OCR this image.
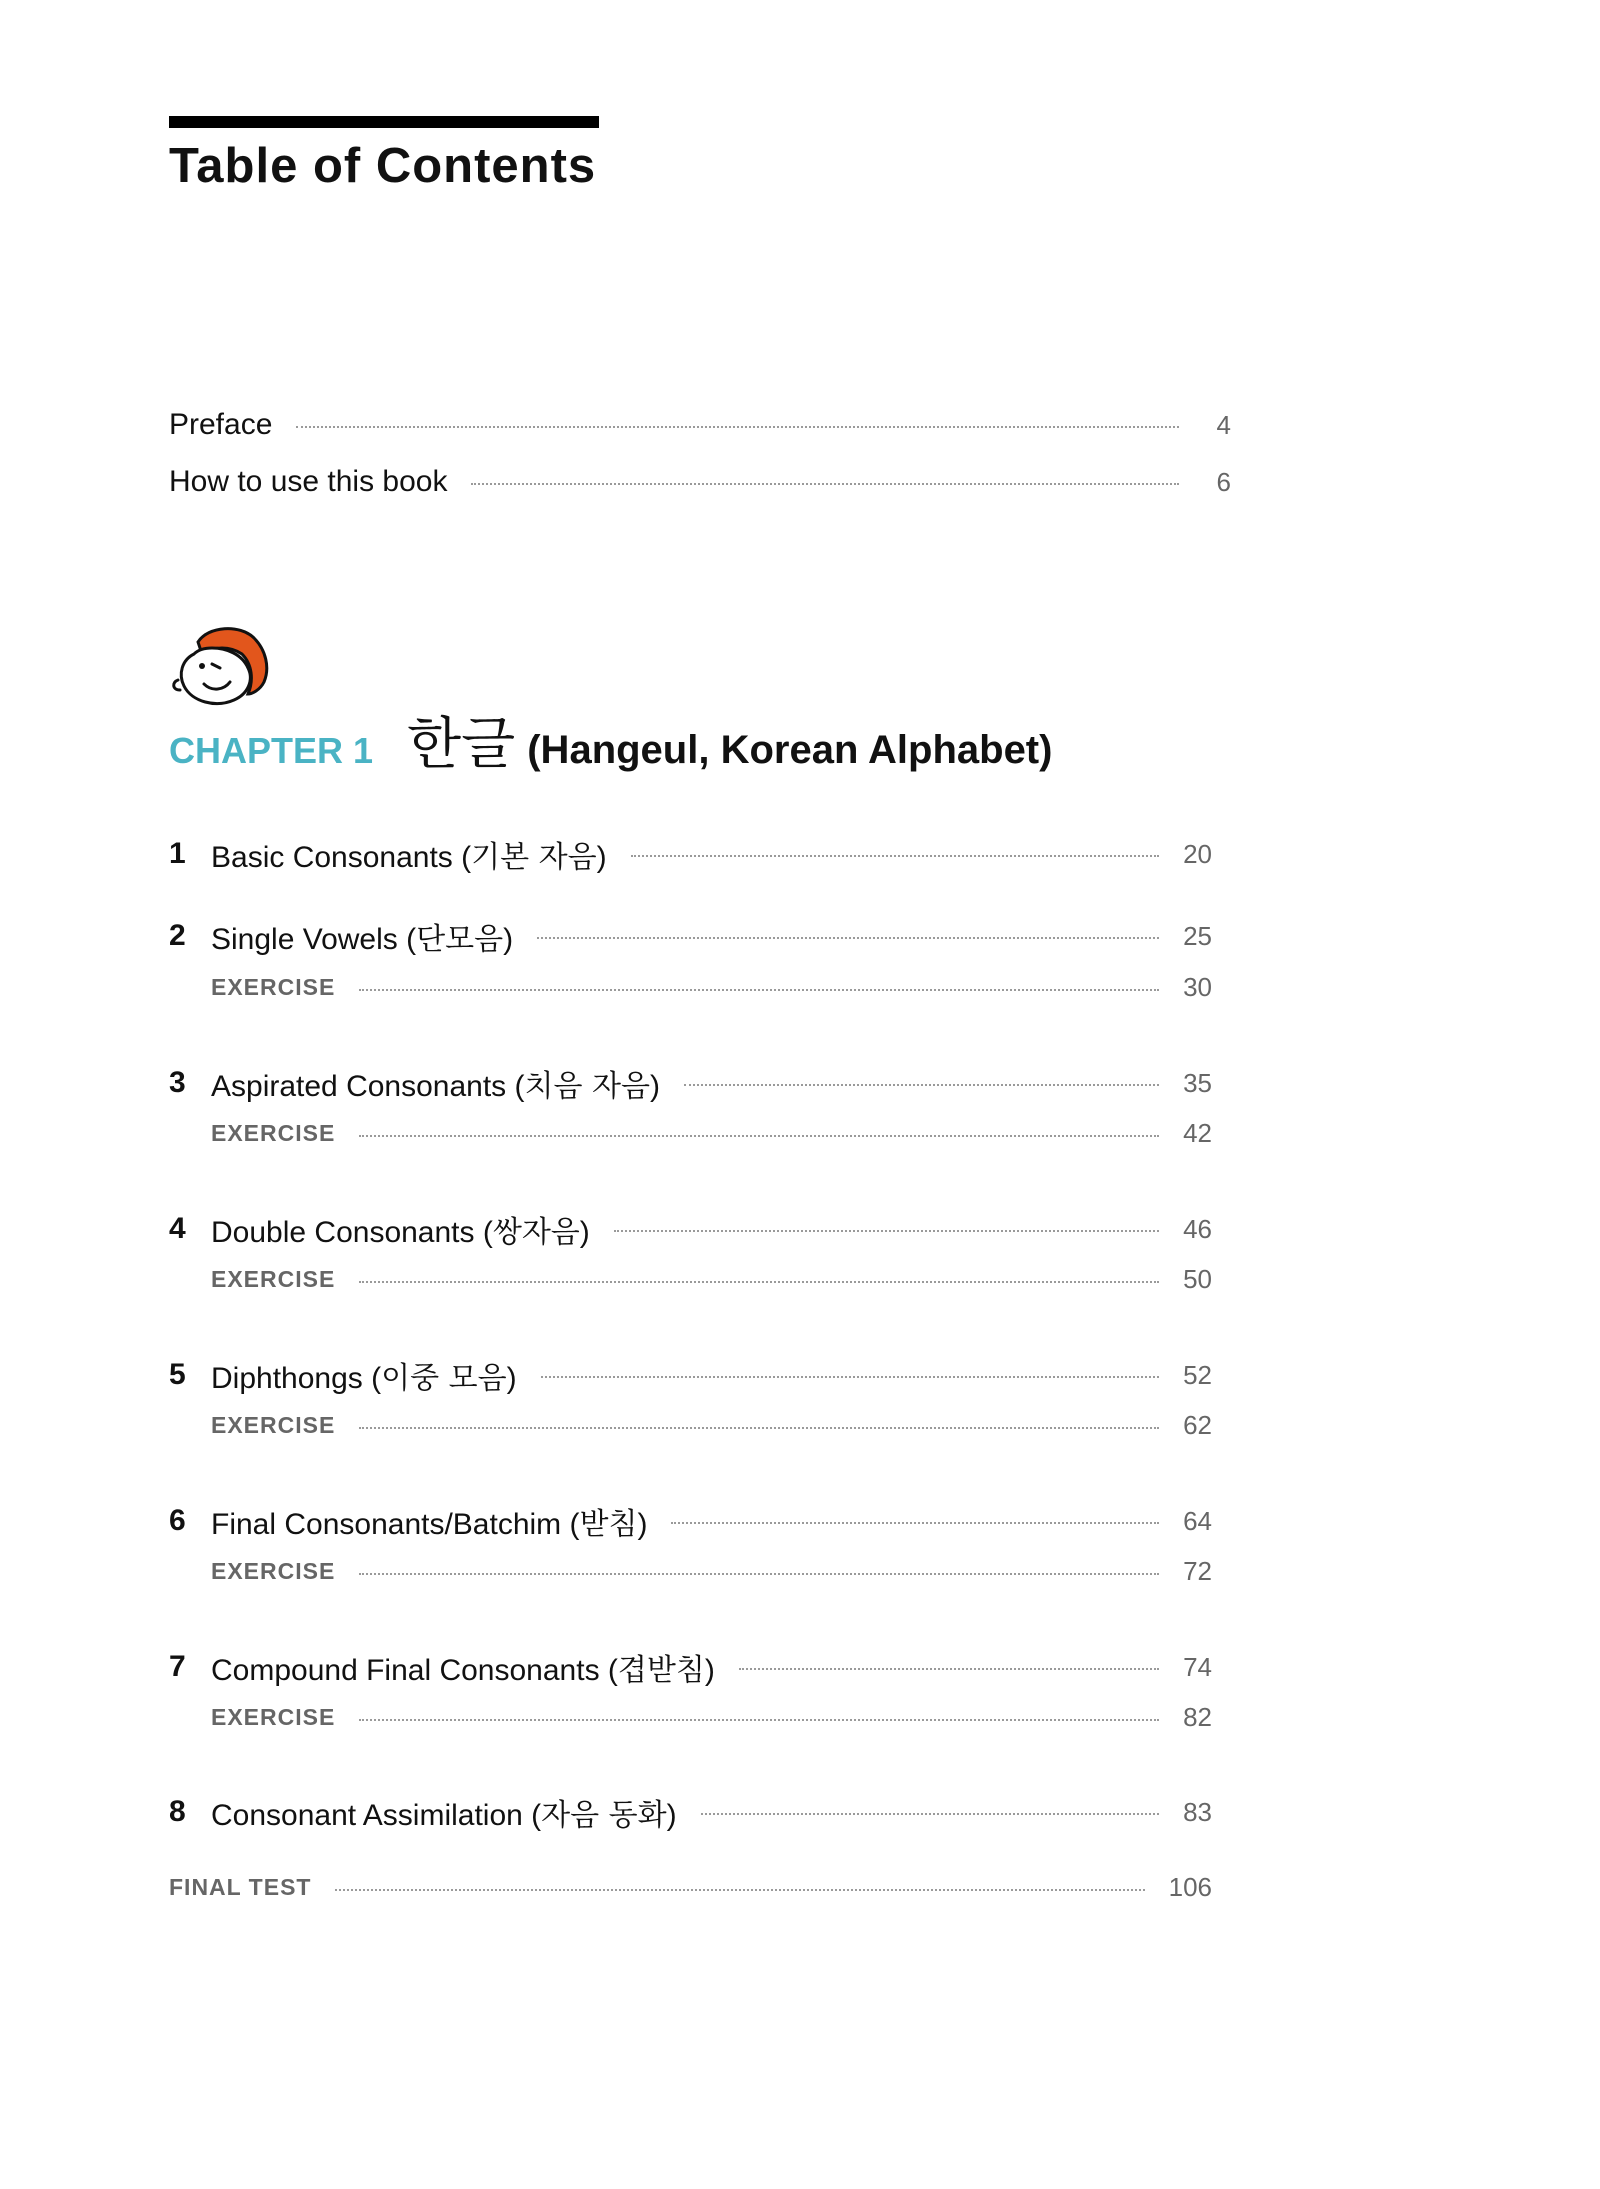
Table of Contents
Preface	4
How to use this book	6
CHAPTER 1 한글 (Hangeul, Korean Alphabet)
1 Basic Consonants (기본 자음)	20
2 Single Vowels (단모음)	25
EXERCISE	30
3 Aspirated Consonants (치음 자음)	35
EXERCISE	42
4 Double Consonants (쌍자음)	46
EXERCISE	50
5 Diphthongs (이중 모음)	52
EXERCISE	62
6 Final Consonants/Batchim (받침)	64
EXERCISE	72
7 Compound Final Consonants (겹받침)	74
EXERCISE	82
8 Consonant Assimilation (자음 동화)	83
FINAL TEST	106
